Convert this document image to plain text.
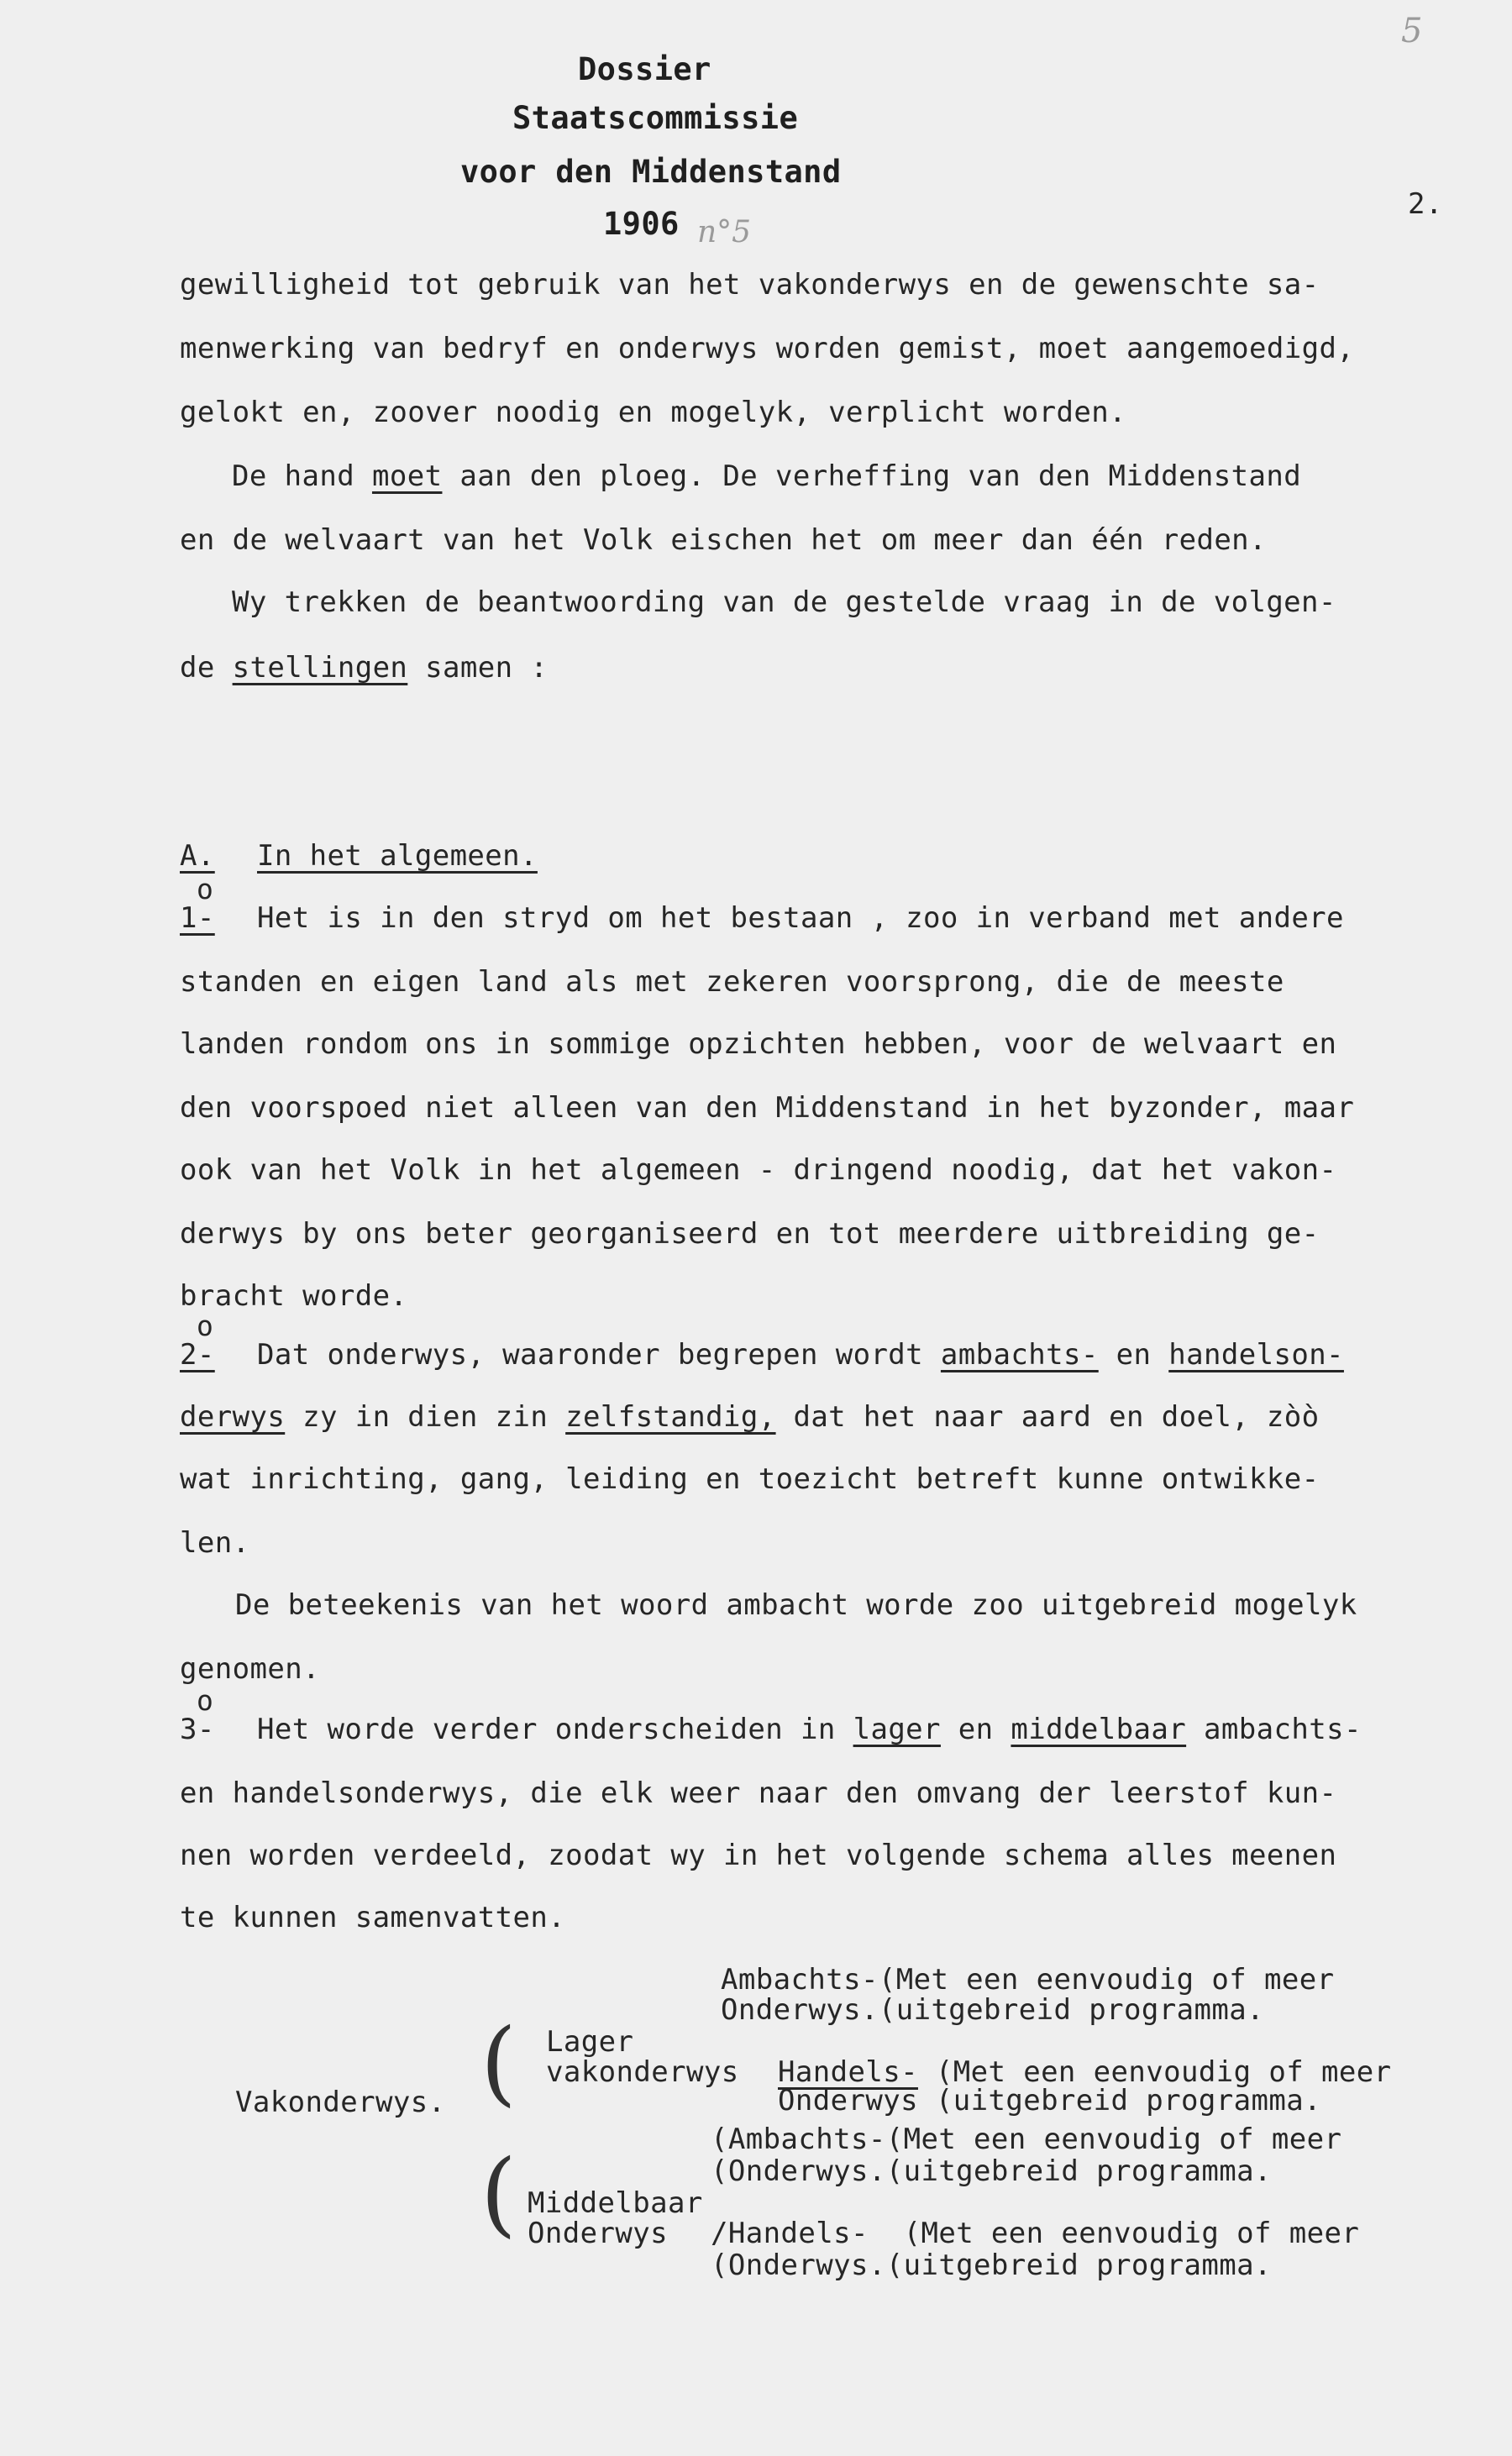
Dossier
Staatscommissie
voor den Middenstand
1906 n°5
5
2.
gewilligheid tot gebruik van het vakonderwys en de gewenschte sa-
menwerking van bedryf en onderwys worden gemist, moet aangemoedigd,
gelokt en, zoover noodig en mogelyk, verplicht worden.
De hand moet aan den ploeg. De verheffing van den Middenstand
en de welvaart van het Volk eischen het om meer dan één reden.
Wy trekken de beantwoording van de gestelde vraag in de volgen-
de stellingen samen :
A. In het algemeen.
o
1- Het is in den stryd om het bestaan , zoo in verband met andere
standen en eigen land als met zekeren voorsprong, die de meeste
landen rondom ons in sommige opzichten hebben, voor de welvaart en
den voorspoed niet alleen van den Middenstand in het byzonder, maar
ook van het Volk in het algemeen - dringend noodig, dat het vakon-
derwys by ons beter georganiseerd en tot meerdere uitbreiding ge-
bracht worde.
o
2- Dat onderwys, waaronder begrepen wordt ambachts- en handelson-
derwys zy in dien zin zelfstandig, dat het naar aard en doel, zòò
wat inrichting, gang, leiding en toezicht betreft kunne ontwikke-
len.
De beteekenis van het woord ambacht worde zoo uitgebreid mogelyk
genomen.
o
3- Het worde verder onderscheiden in lager en middelbaar ambachts-
en handelsonderwys, die elk weer naar den omvang der leerstof kun-
nen worden verdeeld, zoodat wy in het volgende schema alles meenen
te kunnen samenvatten.
Vakonderwys. (
(
Lager
vakonderwys
Middelbaar
Onderwys
Ambachts-(Met een eenvoudig of meer
Onderwys.(uitgebreid programma.
Handels- (Met een eenvoudig of meer
Onderwys (uitgebreid programma.
(Ambachts-(Met een eenvoudig of meer
(Onderwys.(uitgebreid programma.
/Handels-  (Met een eenvoudig of meer
(Onderwys.(uitgebreid programma.
